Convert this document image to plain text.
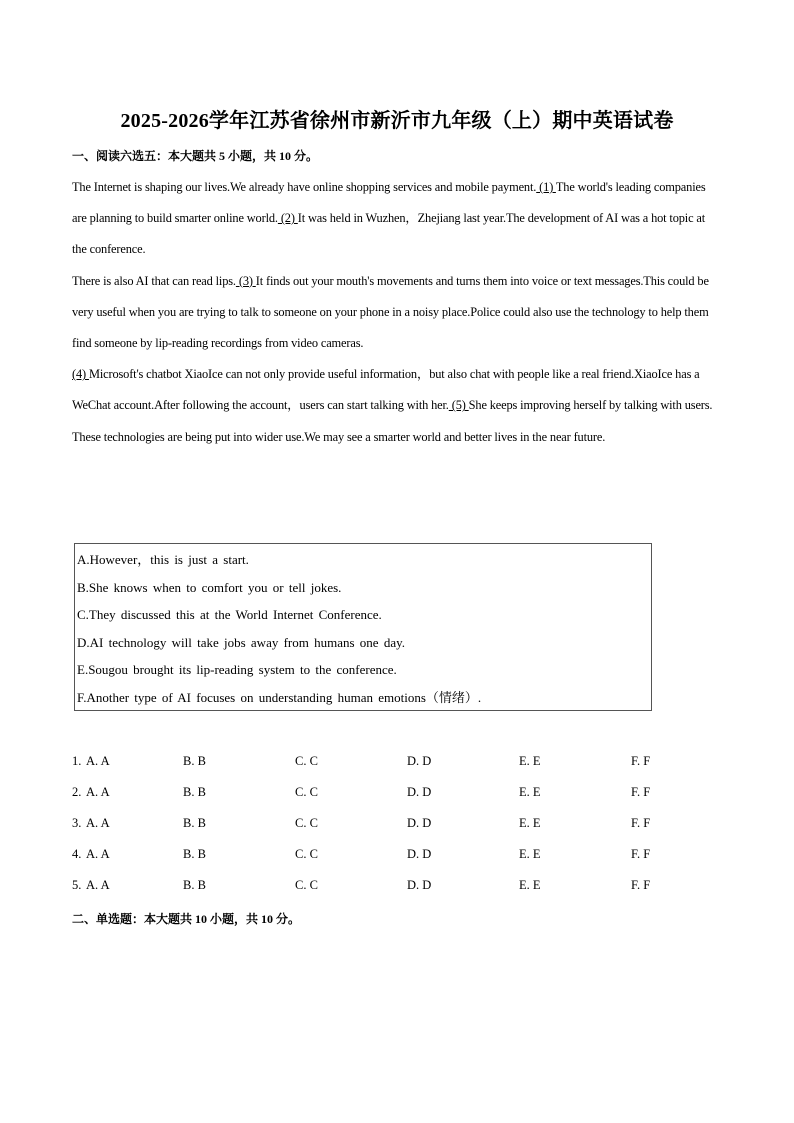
2025-2026学年江苏省徐州市新沂市九年级（上）期中英语试卷
一、阅读六选五：本大题共 5 小题，共 10 分。

The Internet is shaping our lives.We already have online shopping services and mobile payment. (1) The world's leading companies are planning to build smarter online world. (2) It was held in Wuzhen，Zhejiang last year.The development of AI was a hot topic at the conference.

There is also AI that can read lips. (3) It finds out your mouth's movements and turns them into voice or text messages.This could be very useful when you are trying to talk to someone on your phone in a noisy place.Police could also use the technology to help them find someone by lip-reading recordings from video cameras.

(4) Microsoft's chatbot XiaoIce can not only provide useful information，but also chat with people like a real friend.XiaoIce has a WeChat account.After following the account，users can start talking with her. (5) She keeps improving herself by talking with users.

These technologies are being put into wider use.We may see a smarter world and better lives in the near future.

A.However，this is just a start.
B.She knows when to comfort you or tell jokes.
C.They discussed this at the World Internet Conference.
D.AI technology will take jobs away from humans one day.
E.Sougou brought its lip-reading system to the conference.
F.Another type of AI focuses on understanding human emotions（情绪）.
1. A. A	B. B	C. C	D. D	E. E	F. F
2. A. A	B. B	C. C	D. D	E. E	F. F
3. A. A	B. B	C. C	D. D	E. E	F. F
4. A. A	B. B	C. C	D. D	E. E	F. F
5. A. A	B. B	C. C	D. D	E. E	F. F
二、单选题：本大题共 10 小题，共 10 分。
